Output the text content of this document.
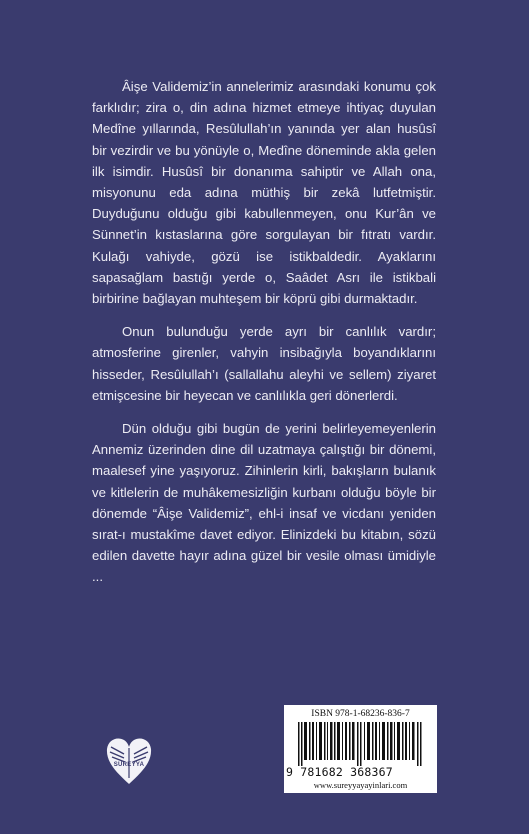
Âişe Validemiz’in annelerimiz arasındaki konumu çok farklıdır; zira o, din adına hizmet etmeye ihtiyaç duyulan Medîne yıllarında, Resûlullah’ın yanında yer alan husûsî bir vezirdir ve bu yönüyle o, Medîne döneminde akla gelen ilk isimdir. Husûsî bir donanıma sahiptir ve Allah ona, misyonunu eda adına müthiş bir zekâ lutfetmiştir. Duyduğunu olduğu gibi kabullenmeyen, onu Kur’ân ve Sünnet’in kıstaslarına göre sorgulayan bir fıtratı vardır. Kulağı vahiyde, gözü ise istikbaldedir. Ayaklarını sapasağlam bastığı yerde o, Saâdet Asrı ile istikbali birbirine bağlayan muhteşem bir köprü gibi durmaktadır.

Onun bulunduğu yerde ayrı bir canlılık vardır; atmosferine girenler, vahyin insibağıyla boyandıklarını hisseder, Resûlullah’ı (sallallahu aleyhi ve sellem) ziyaret etmişcesine bir heyecan ve canlılıkla geri dönerlerdi.

Dün olduğu gibi bugün de yerini belirleyemeyenlerin Annemiz üzerinden dine dil uzatmaya çalıştığı bir dönemi, maalesef yine yaşıyoruz. Zihinlerin kirli, bakışların bulanık ve kitlelerin de muhâkemesizliğin kurbanı olduğu böyle bir dönemde “Âişe Validemiz”, ehl-i insaf ve vicdanı yeniden sırat-ı mustakîme davet ediyor. Elinizdeki bu kitabın, sözü edilen davette hayır adına güzel bir vesile olması ümidiyle ...

SUREYYA
ISBN 978-1-68236-836-7
9 781682 368367
www.sureyyayayinlari.com
